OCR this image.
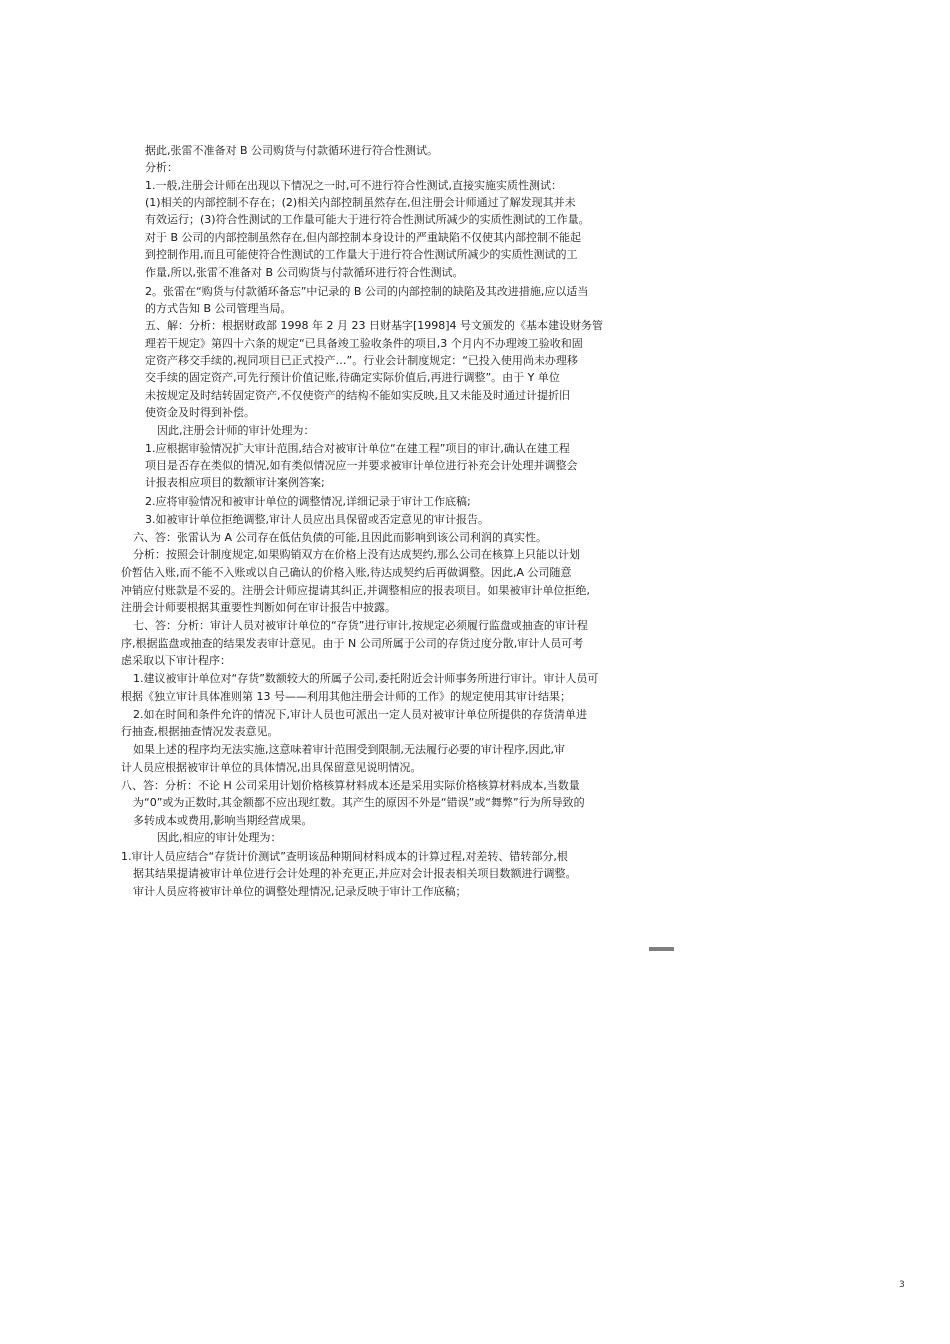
据此,张雷不准备对 B 公司购货与付款循环进行符合性测试。
分析：
1.一般,注册会计师在出现以下情况之一时,可不进行符合性测试,直接实施实质性测试：
(1)相关的内部控制不存在；(2)相关内部控制虽然存在,但注册会计师通过了解发现其并未
有效运行；(3)符合性测试的工作量可能大于进行符合性测试所减少的实质性测试的工作量。
对于 B 公司的内部控制虽然存在,但内部控制本身设计的严重缺陷不仅使其内部控制不能起
到控制作用,而且可能使符合性测试的工作量大于进行符合性测试所减少的实质性测试的工
作量,所以,张雷不准备对 B 公司购货与付款循环进行符合性测试。
2。张雷在“购货与付款循环备忘”中记录的 B 公司的内部控制的缺陷及其改进措施,应以适当
的方式告知 B 公司管理当局。
五、解：分析：根据财政部 1998 年 2 月 23 日财基字[1998]4 号文颁发的《基本建设财务管
理若干规定》第四十六条的规定“已具备竣工验收条件的项目,3 个月内不办理竣工验收和固
定资产移交手续的,视同项目已正式投产…”。行业会计制度规定：“已投入使用尚未办理移
交手续的固定资产,可先行预计价值记账,待确定实际价值后,再进行调整”。由于 Y 单位
未按规定及时结转固定资产,不仅使资产的结构不能如实反映,且又未能及时通过计提折旧
使资金及时得到补偿。
因此,注册会计师的审计处理为：
1.应根据审验情况扩大审计范围,结合对被审计单位“在建工程”项目的审计,确认在建工程
项目是否存在类似的情况,如有类似情况应一并要求被审计单位进行补充会计处理并调整会
计报表相应项目的数额审计案例答案;
2.应将审验情况和被审计单位的调整情况,详细记录于审计工作底稿;
3.如被审计单位拒绝调整,审计人员应出具保留或否定意见的审计报告。
六、答：张雷认为 A 公司存在低估负债的可能,且因此而影响到该公司利润的真实性。
分析：按照会计制度规定,如果购销双方在价格上没有达成契约,那么公司在核算上只能以计划
价暂估入账,而不能不入账或以自己确认的价格入账,待达成契约后再做调整。因此,A 公司随意
冲销应付账款是不妥的。注册会计师应提请其纠正,并调整相应的报表项目。如果被审计单位拒绝,
注册会计师要根据其重要性判断如何在审计报告中披露。
七、答：分析：审计人员对被审计单位的“存货”进行审计,按规定必须履行监盘或抽查的审计程
序,根据监盘或抽查的结果发表审计意见。由于 N 公司所属于公司的存货过度分散,审计人员可考
虑采取以下审计程序：
1.建议被审计单位对“存货”数额较大的所属子公司,委托附近会计师事务所进行审计。审计人员可
根据《独立审计具体准则第 13 号——利用其他注册会计师的工作》的规定使用其审计结果；
2.如在时间和条件允许的情况下,审计人员也可派出一定人员对被审计单位所提供的存货清单进
行抽查,根据抽查情况发表意见。
如果上述的程序均无法实施,这意味着审计范围受到限制,无法履行必要的审计程序,因此,审
计人员应根据被审计单位的具体情况,出具保留意见说明情况。
八、答：分析：不论 H 公司采用计划价格核算材料成本还是采用实际价格核算材料成本,当数量
为“0”或为正数时,其金额都不应出现红数。其产生的原因不外是“错误”或“舞弊”行为所导致的
多转成本或费用,影响当期经营成果。
因此,相应的审计处理为：
1.审计人员应结合“存货计价测试”查明该品种期间材料成本的计算过程,对差转、错转部分,根
据其结果提请被审计单位进行会计处理的补充更正,并应对会计报表相关项目数额进行调整。
审计人员应将被审计单位的调整处理情况,记录反映于审计工作底稿；
3
